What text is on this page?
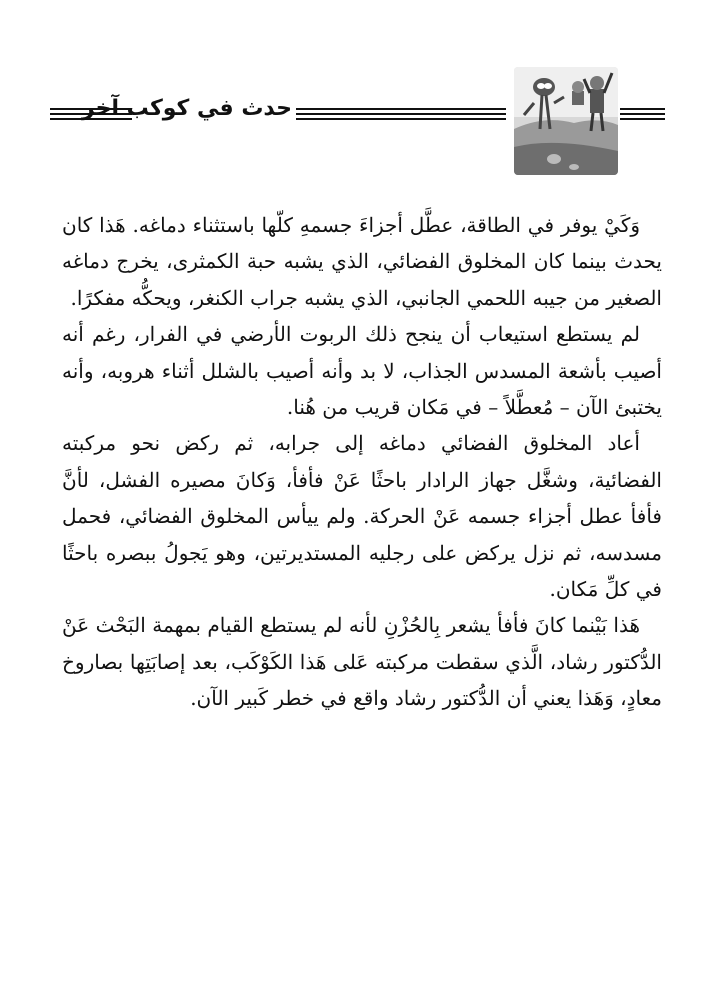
حدث في كوكب آخر

وَكَيْ يوفر في الطاقة، عطَّل أجزاءَ جسمهِ كلّها باستثناء دماغه. هَذا كان يحدث بينما كان المخلوق الفضائي، الذي يشبه حبة الكمثرى، يخرج دماغه الصغير من جيبه اللحمي الجانبي، الذي يشبه جراب الكنغر، ويحكُّه مفكرًا.

لم يستطع استيعاب أن ينجح ذلك الربوت الأرضي في الفرار، رغم أنه أصيب بأشعة المسدس الجذاب، لا بد وأنه أصيب بالشلل أثناء هروبه، وأنه يختبئ الآن – مُعطَّلاً – في مَكان قريب من هُنا.

أعاد المخلوق الفضائي دماغه إلى جرابه، ثم ركض نحو مركبته الفضائية، وشغَّل جهاز الرادار باحثًا عَنْ فأفأ، وَكانَ مصيره الفشل، لأنَّ فأفأ عطل أجزاء جسمه عَنْ الحركة. ولم ييأس المخلوق الفضائي، فحمل مسدسه، ثم نزل يركض على رجليه المستديرتين، وهو يَجولُ ببصره باحثًا في كلِّ مَكان.

هَذا بَيْنما كانَ فأفأ يشعر بِالحُزْنِ لأنه لم يستطع القيام بمهمة البَحْث عَنْ الدُّكتور رشاد، الَّذي سقطت مركبته عَلى هَذا الكَوْكَب، بعد إصابَتِها بصاروخ معادٍ، وَهَذا يعني أن الدُّكتور رشاد واقع في خطر كَبير الآن.
